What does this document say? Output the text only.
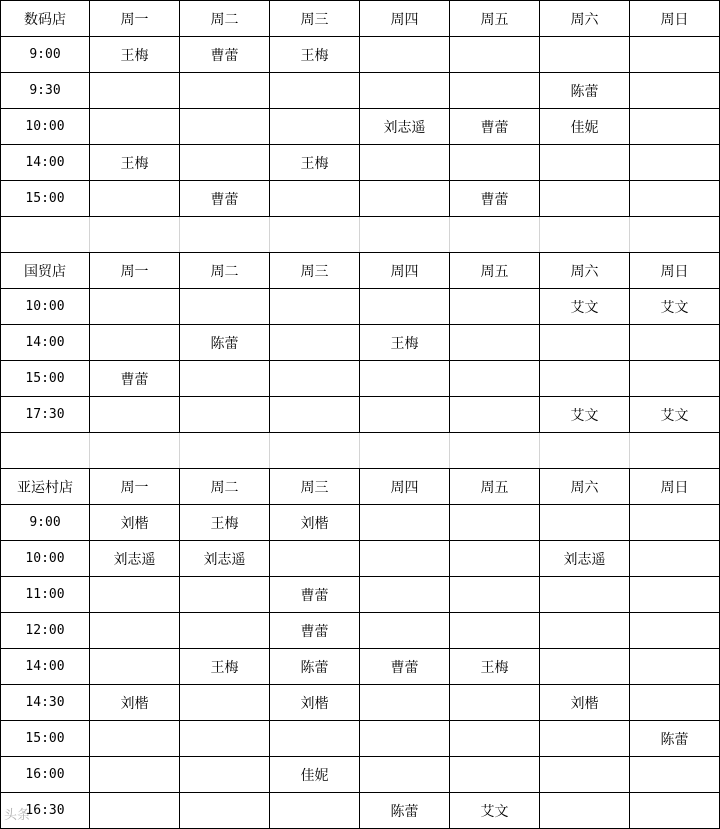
数码店	周一	周二	周三	周四	周五	周六	周日
9:00	王梅	曹蕾	王梅				
9:30						陈蕾	
10:00				刘志遥	曹蕾	佳妮	
14:00	王梅		王梅				
15:00		曹蕾			曹蕾		

国贸店	周一	周二	周三	周四	周五	周六	周日
10:00						艾文	艾文
14:00		陈蕾		王梅			
15:00	曹蕾						
17:30						艾文	艾文

亚运村店	周一	周二	周三	周四	周五	周六	周日
9:00	刘楷	王梅	刘楷				
10:00	刘志遥	刘志遥				刘志遥	
11:00			曹蕾				
12:00			曹蕾				
14:00		王梅	陈蕾	曹蕾	王梅		
14:30	刘楷		刘楷			刘楷	
15:00							陈蕾
16:00			佳妮				
16:30				陈蕾	艾文		
头条
